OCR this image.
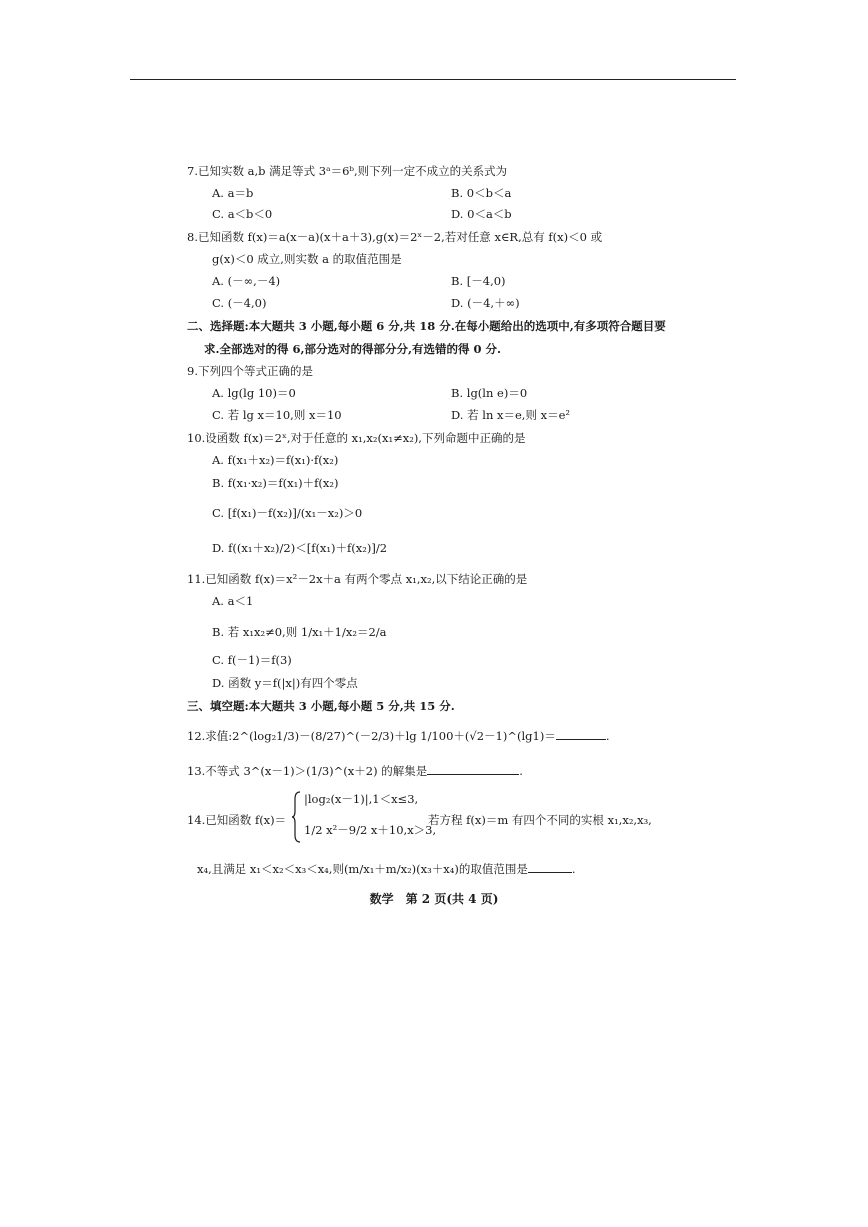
7.已知实数 a,b 满足等式 3ᵃ＝6ᵇ,则下列一定不成立的关系式为
A. a＝b	B. 0＜b＜a
C. a＜b＜0	D. 0＜a＜b
8.已知函数 f(x)＝a(x－a)(x＋a＋3),g(x)＝2ˣ－2,若对任意 x∈R,总有 f(x)＜0 或
g(x)＜0 成立,则实数 a 的取值范围是
A. (－∞,－4)	B. [－4,0)
C. (－4,0)	D. (－4,＋∞)
二、选择题:本大题共 3 小题,每小题 6 分,共 18 分.在每小题给出的选项中,有多项符合题目要
求.全部选对的得 6,部分选对的得部分分,有选错的得 0 分.
9.下列四个等式正确的是
A. lg(lg 10)＝0	B. lg(ln e)＝0
C. 若 lg x＝10,则 x＝10	D. 若 ln x＝e,则 x＝e²
10.设函数 f(x)＝2ˣ,对于任意的 x₁,x₂(x₁≠x₂),下列命题中正确的是
A. f(x₁＋x₂)＝f(x₁)·f(x₂)
B. f(x₁·x₂)＝f(x₁)＋f(x₂)
C. [f(x₁)－f(x₂)]/(x₁－x₂)＞0
D. f((x₁＋x₂)/2)＜[f(x₁)＋f(x₂)]/2
11.已知函数 f(x)＝x²－2x＋a 有两个零点 x₁,x₂,以下结论正确的是
A. a＜1
B. 若 x₁x₂≠0,则 1/x₁＋1/x₂＝2/a
C. f(－1)＝f(3)
D. 函数 y＝f(|x|)有四个零点
三、填空题:本大题共 3 小题,每小题 5 分,共 15 分.
12.求值:2^(log₂1/3)－(8/27)^(－2/3)＋lg 1/100＋(√2－1)^(lg1)＝	.
13.不等式 3^(x－1)＞(1/3)^(x＋2) 的解集是	.
14.已知函数 f(x)＝
|log₂(x－1)|,1＜x≤3,
1/2 x²－9/2 x＋10,x＞3,
若方程 f(x)＝m 有四个不同的实根 x₁,x₂,x₃,
x₄,且满足 x₁＜x₂＜x₃＜x₄,则(m/x₁＋m/x₂)(x₃＋x₄)的取值范围是	.
数学　第 2 页(共 4 页)
